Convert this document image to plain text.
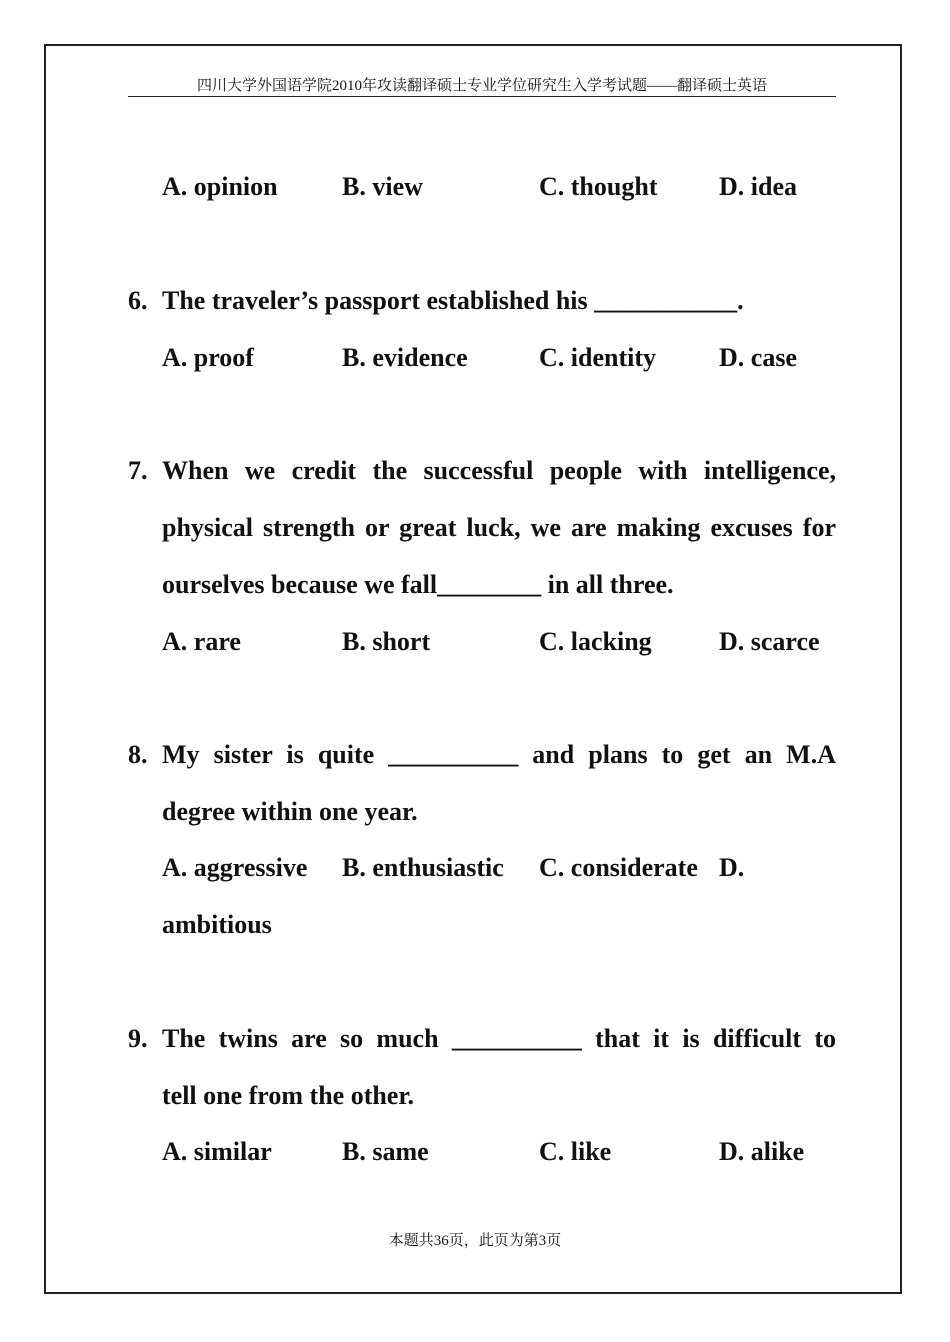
四川大学外国语学院2010年攻读翻译硕士专业学位研究生入学考试题——翻译硕士英语
A. opinion B. view	C. thought D. idea
6. The traveler’s passport established his ___________.
A. proof	B. evidence	C. identity D. case
7. When we credit the successful people with intelligence,
physical strength or great luck, we are making excuses for
ourselves because we fall________ in all three.
A. rare	B. short	C. lacking	D. scarce
8. My sister is quite __________ and plans to get an M.A
degree within one year.
A. aggressive B. enthusiastic C. considerate D.
ambitious
9. The twins are so much __________ that it is difficult to
tell one from the other.
A. similar	B. same	C. like	D. alike
本题共36页，此页为第3页
